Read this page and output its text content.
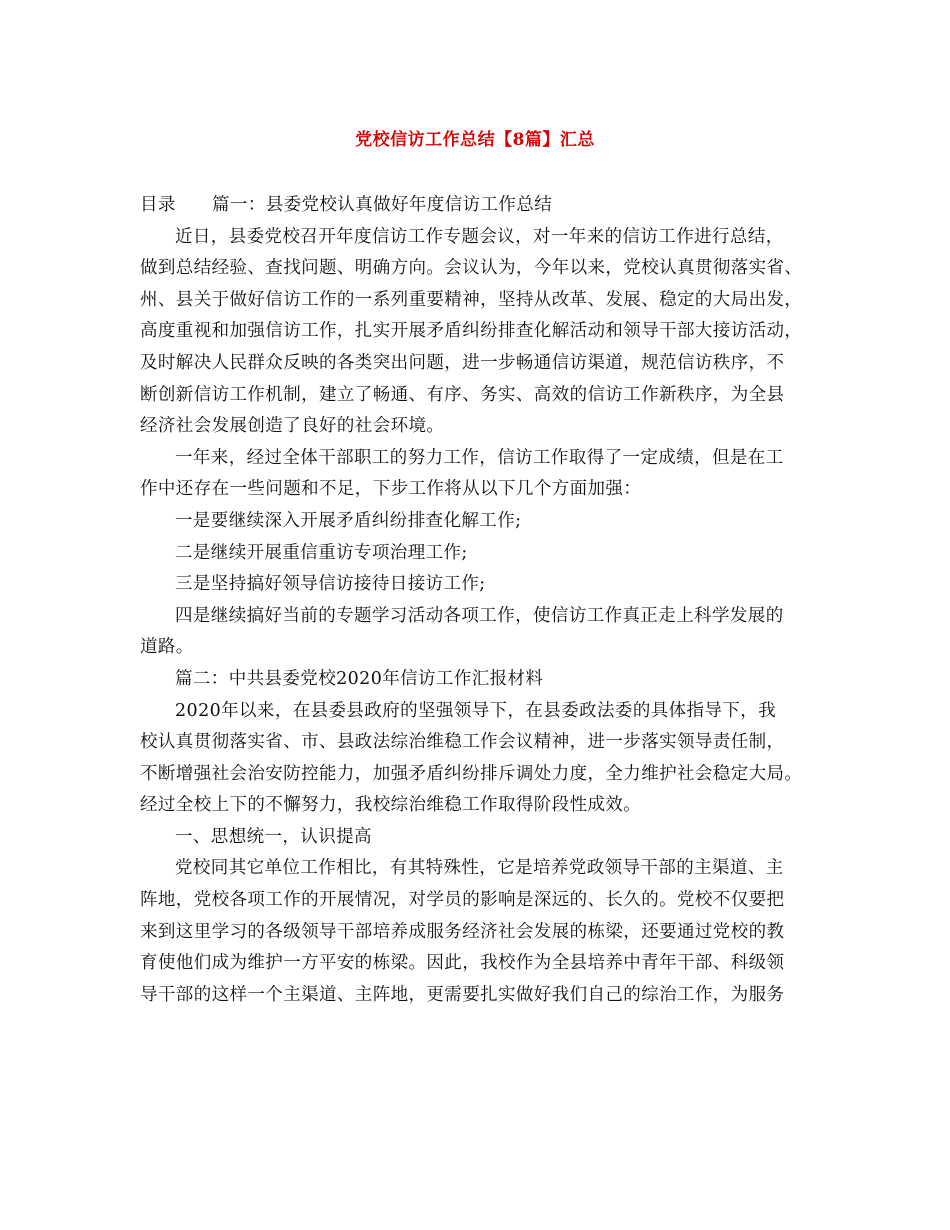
党校信访工作总结【8篇】汇总
目录 篇一：县委党校认真做好年度信访工作总结
近日，县委党校召开年度信访工作专题会议，对一年来的信访工作进行总结，
做到总结经验、查找问题、明确方向。会议认为，今年以来，党校认真贯彻落实省、
州、县关于做好信访工作的一系列重要精神，坚持从改革、发展、稳定的大局出发，
高度重视和加强信访工作，扎实开展矛盾纠纷排查化解活动和领导干部大接访活动，
及时解决人民群众反映的各类突出问题，进一步畅通信访渠道，规范信访秩序，不
断创新信访工作机制，建立了畅通、有序、务实、高效的信访工作新秩序，为全县
经济社会发展创造了良好的社会环境。
一年来，经过全体干部职工的努力工作，信访工作取得了一定成绩，但是在工
作中还存在一些问题和不足，下步工作将从以下几个方面加强：
一是要继续深入开展矛盾纠纷排查化解工作;
二是继续开展重信重访专项治理工作;
三是坚持搞好领导信访接待日接访工作;
四是继续搞好当前的专题学习活动各项工作，使信访工作真正走上科学发展的
道路。
篇二：中共县委党校2020年信访工作汇报材料
2020年以来，在县委县政府的坚强领导下，在县委政法委的具体指导下，我
校认真贯彻落实省、市、县政法综治维稳工作会议精神，进一步落实领导责任制，
不断增强社会治安防控能力，加强矛盾纠纷排斥调处力度，全力维护社会稳定大局。
经过全校上下的不懈努力，我校综治维稳工作取得阶段性成效。
一、思想统一，认识提高
党校同其它单位工作相比，有其特殊性，它是培养党政领导干部的主渠道、主
阵地，党校各项工作的开展情况，对学员的影响是深远的、长久的。党校不仅要把
来到这里学习的各级领导干部培养成服务经济社会发展的栋梁，还要通过党校的教
育使他们成为维护一方平安的栋梁。因此，我校作为全县培养中青年干部、科级领
导干部的这样一个主渠道、主阵地，更需要扎实做好我们自己的综治工作，为服务
